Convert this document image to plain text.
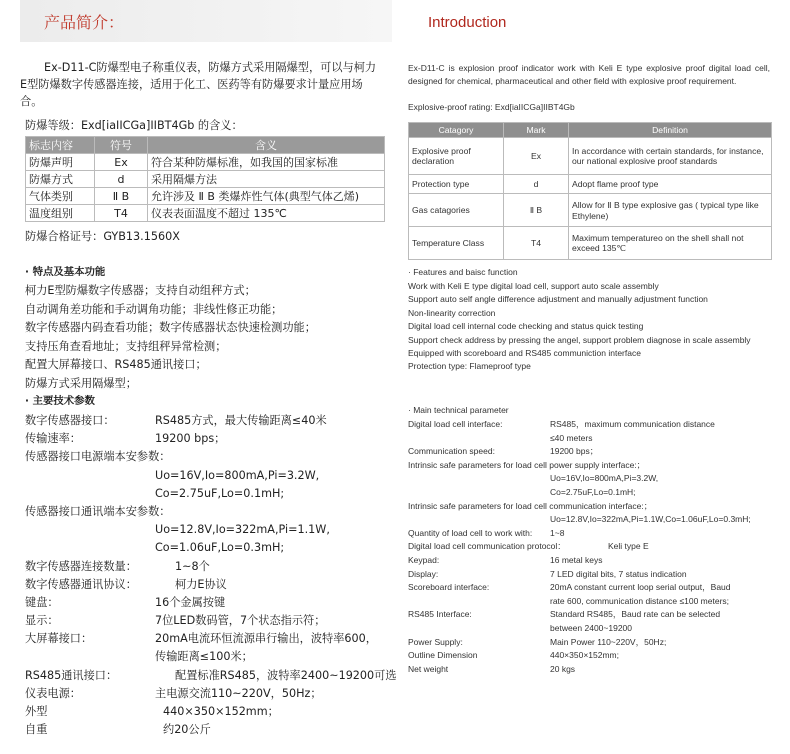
产品简介：
Ex-D11-C防爆型电子称重仪表，防爆方式采用隔爆型，可以与柯力
E型防爆数字传感器连接，适用于化工、医药等有防爆要求计量应用场
合。
防爆等级：Exd[iaIICGa]IIBT4Gb 的含义：
标志内容	符号	含义
防爆声明	Ex	符合某种防爆标准，如我国的国家标准
防爆方式	d	采用隔爆方法
气体类别	Ⅱ B	允许涉及 Ⅱ B 类爆炸性气体(典型气体乙烯)
温度组别	T4	仪表表面温度不超过 135℃
防爆合格证号：GYB13.1560X
· 特点及基本功能
柯力E型防爆数字传感器；支持自动组秤方式；
自动调角差功能和手动调角功能；非线性修正功能；
数字传感器内码查看功能；数字传感器状态快速检测功能；
支持压角查看地址；支持组秤异常检测；
配置大屏幕接口、RS485通讯接口；
防爆方式采用隔爆型；
· 主要技术参数
数字传感器接口：	RS485方式，最大传输距离≤40米
传输速率：	19200 bps；
传感器接口电源端本安参数：
Uo=16V,Io=800mA,Pi=3.2W,
Co=2.75uF,Lo=0.1mH;
传感器接口通讯端本安参数：
Uo=12.8V,Io=322mA,Pi=1.1W,
Co=1.06uF,Lo=0.3mH;
数字传感器连接数量：	1~8个
数字传感器通讯协议：	柯力E协议
键盘：	16个金属按键
显示：	7位LED数码管，7个状态指示符；
大屏幕接口：	20mA电流环恒流源串行输出，波特率600，
传输距离≤100米；
RS485通讯接口：	配置标准RS485，波特率2400~19200可选
仪表电源：	主电源交流110~220V，50Hz；
外型	440×350×152mm；
自重	约20公斤
Introduction
Ex-D11-C is explosion proof indicator work with Keli E type explosive proof digital load cell, designed for chemical, pharmaceutical and other field with explosive proof requirement.
Explosive-proof rating: Exd[iaIICGa]IIBT4Gb
Catagory	Mark	Definition
Explosive proof declaration	Ex	In accordance with certain standards, for instance, our national explosive proof standards
Protection type	d	Adopt flame proof type
Gas catagories	Ⅱ B	Allow for Ⅱ B type explosive gas ( typical type like Ethylene)
Temperature Class	T4	Maximum temperatureo on the shell shall not exceed 135℃
· Features and baisc function
Work with Keli E type digital load cell, support auto scale assembly
Support auto self angle difference adjustment and manually adjustment function
Non-linearity correction
Digital load cell internal code checking and status quick testing
Support check address by pressing the angel, support problem diagnose in scale assembly
Equipped with scoreboard and RS485 communiction interface
Protection type: Flameproof type
· Main technical parameter
Digital load cell interface:	RS485，maximum communication distance
≤40 meters
Communication speed:	19200 bps；
Intrinsic safe parameters for load cell power supply interface:；
Uo=16V,Io=800mA,Pi=3.2W,
Co=2.75uF,Lo=0.1mH;
Intrinsic safe parameters for load cell communication interface:；
Uo=12.8V,Io=322mA,Pi=1.1W,Co=1.06uF,Lo=0.3mH;
Quantity of load cell to work with: 1~8
Digital load cell communication protocol：	Keli type E
Keypad:	16 metal keys
Display:	7 LED digital bits, 7 status indication
Scoreboard interface:	20mA constant current loop serial output，Baud
rate 600, communication distance ≤100 meters;
RS485 Interface:	Standard RS485，Baud rate can be selected
between 2400~19200
Power Supply:	Main Power 110~220V，50Hz;
Outline Dimension	440×350×152mm;
Net weight	20 kgs
